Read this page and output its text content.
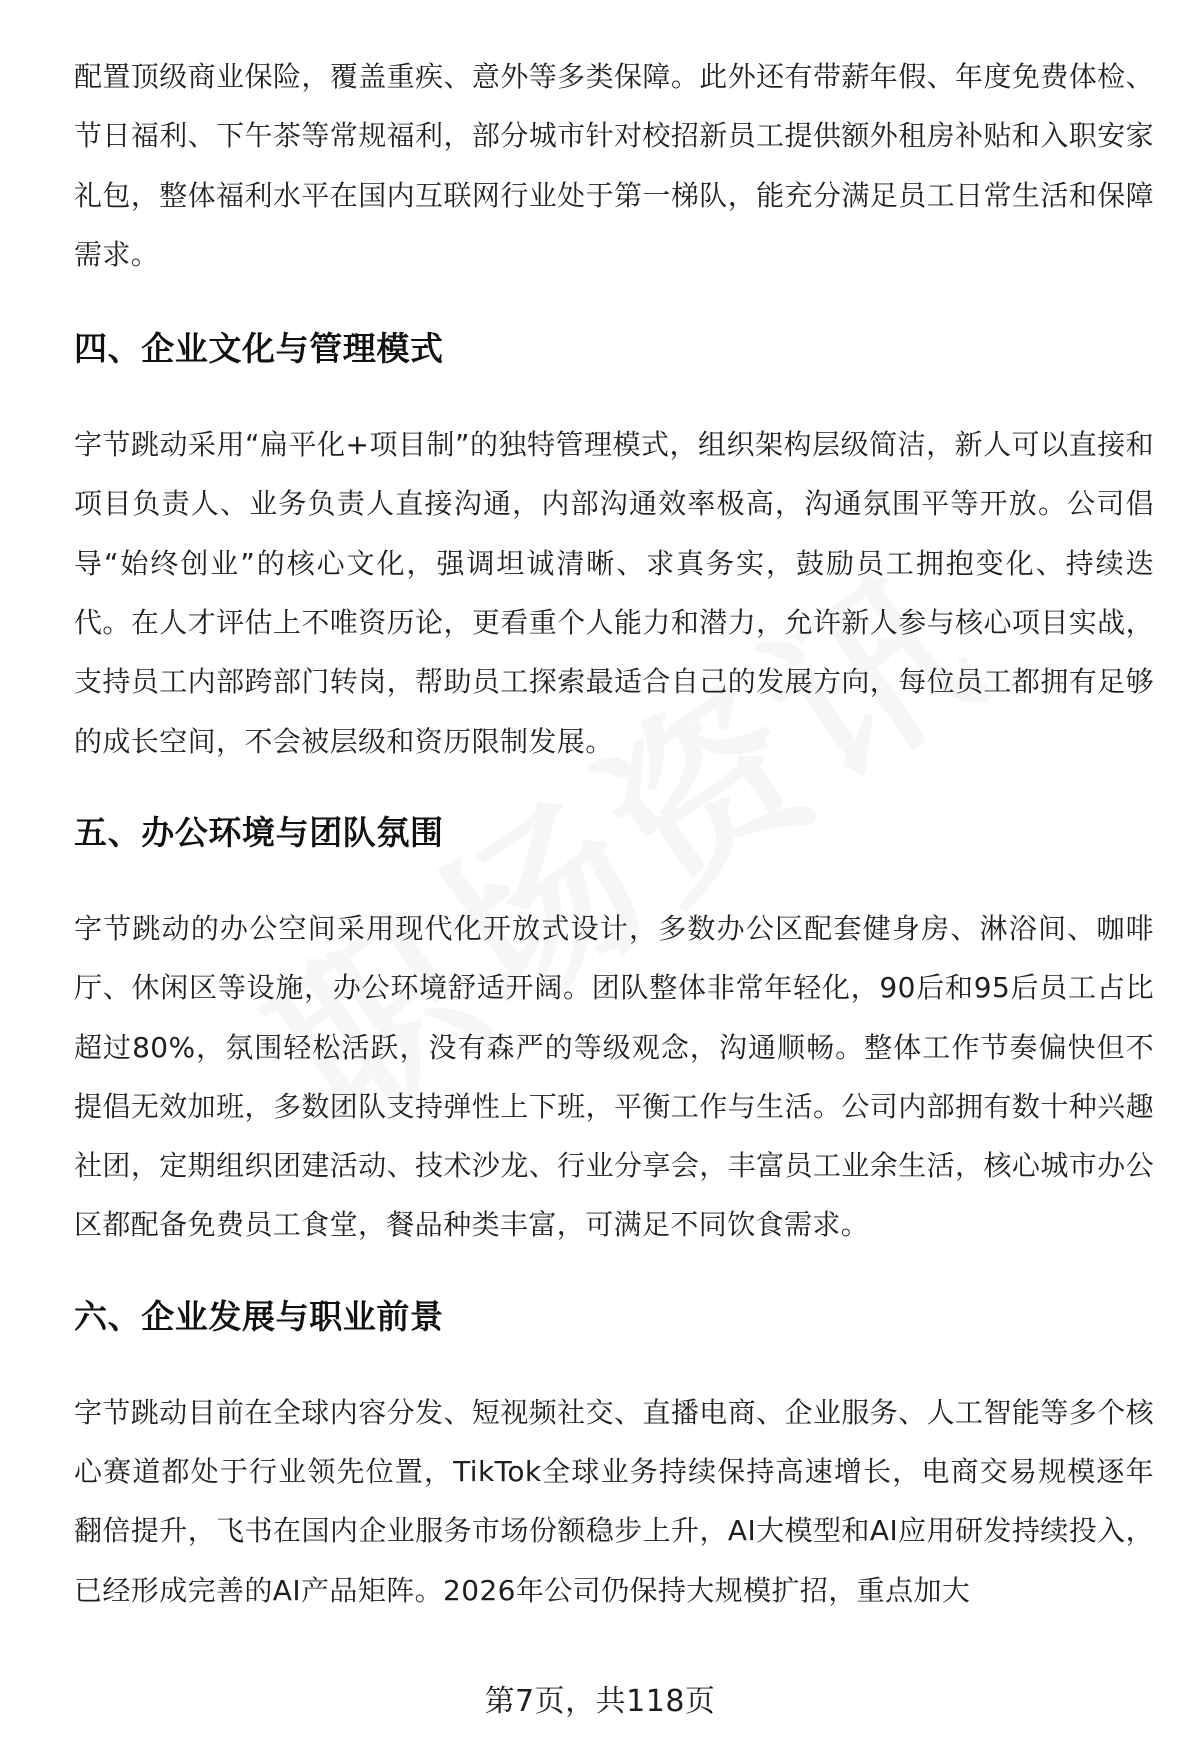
配置顶级商业保险，覆盖重疾、意外等多类保障。此外还有带薪年假、年度免费体检、节日福利、下午茶等常规福利，部分城市针对校招新员工提供额外租房补贴和入职安家礼包，整体福利水平在国内互联网行业处于第一梯队，能充分满足员工日常生活和保障需求。

四、企业文化与管理模式

字节跳动采用“扁平化+项目制”的独特管理模式，组织架构层级简洁，新人可以直接和项目负责人、业务负责人直接沟通，内部沟通效率极高，沟通氛围平等开放。公司倡导“始终创业”的核心文化，强调坦诚清晰、求真务实，鼓励员工拥抱变化、持续迭代。在人才评估上不唯资历论，更看重个人能力和潜力，允许新人参与核心项目实战，支持员工内部跨部门转岗，帮助员工探索最适合自己的发展方向，每位员工都拥有足够的成长空间，不会被层级和资历限制发展。

五、办公环境与团队氛围

字节跳动的办公空间采用现代化开放式设计，多数办公区配套健身房、淋浴间、咖啡厅、休闲区等设施，办公环境舒适开阔。团队整体非常年轻化，90后和95后员工占比超过80%，氛围轻松活跃，没有森严的等级观念，沟通顺畅。整体工作节奏偏快但不提倡无效加班，多数团队支持弹性上下班，平衡工作与生活。公司内部拥有数十种兴趣社团，定期组织团建活动、技术沙龙、行业分享会，丰富员工业余生活，核心城市办公区都配备免费员工食堂，餐品种类丰富，可满足不同饮食需求。

六、企业发展与职业前景

字节跳动目前在全球内容分发、短视频社交、直播电商、企业服务、人工智能等多个核心赛道都处于行业领先位置，TikTok全球业务持续保持高速增长，电商交易规模逐年翻倍提升，飞书在国内企业服务市场份额稳步上升，AI大模型和AI应用研发持续投入，已经形成完善的AI产品矩阵。2026年公司仍保持大规模扩招，重点加大

第7页，共118页
